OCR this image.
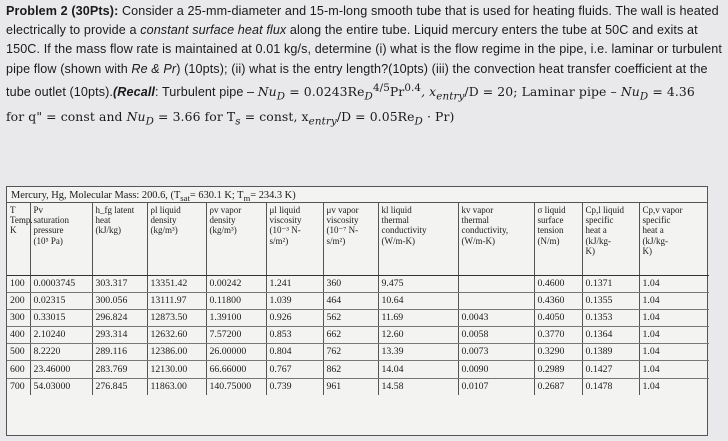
Problem 2 (30Pts): Consider a 25-mm-diameter and 15-m-long smooth tube that is used for heating fluids. The wall is heated electrically to provide a constant surface heat flux along the entire tube. Liquid mercury enters the tube at 50C and exits at 150C. If the mass flow rate is maintained at 0.01 kg/s, determine (i) what is the flow regime in the pipe, i.e. laminar or turbulent pipe flow (shown with Re & Pr) (10pts); (ii) what is the entry length?(10pts) (iii) the convection heat transfer coefficient at the tube outlet (10pts).(Recall: Turbulent pipe – $Nu_D = 0.0243Re_D^{4/5}Pr^{0.4}$, $x_{entry}/D = 20$; Laminar pipe – $Nu_D = 4.36$
for q" = const and $Nu_D = 3.66$ for $T_s$ = const, $x_{entry}/D = 0.05Re_D \cdot Pr$)
Mercury, Hg, Molecular Mass: 200.6, ($T_{sat}= 630.1$ K; $T_m= 234.3$ K)
T
Temp.
K	Pv
saturation
pressure
(10⁵ Pa)	h_fg latent
heat
(kJ/kg)	ρl liquid
density
(kg/m³)	ρv vapor
density
(kg/m³)	μl liquid
viscosity
(10⁻³ N-
s/m²)	μv vapor
viscosity
(10⁻⁷ N-
s/m²)	kl liquid
thermal
conductivity
(W/m-K)	kv vapor
thermal
conductivity,
(W/m-K)	σ liquid
surface
tension
(N/m)	Cp,l liquid
specific
heat a
(kJ/kg-
K)	Cp,v vapor
specific
heat a
(kJ/kg-
K)
100	0.0003745	303.317	13351.42	0.00242	1.241	360	9.475		0.4600	0.1371	1.04
200	0.02315	300.056	13111.97	0.11800	1.039	464	10.64		0.4360	0.1355	1.04
300	0.33015	296.824	12873.50	1.39100	0.926	562	11.69	0.0043	0.4050	0.1353	1.04
400	2.10240	293.314	12632.60	7.57200	0.853	662	12.60	0.0058	0.3770	0.1364	1.04
500	8.2220	289.116	12386.00	26.00000	0.804	762	13.39	0.0073	0.3290	0.1389	1.04
600	23.46000	283.769	12130.00	66.66000	0.767	862	14.04	0.0090	0.2989	0.1427	1.04
700	54.03000	276.845	11863.00	140.75000	0.739	961	14.58	0.0107	0.2687	0.1478	1.04
